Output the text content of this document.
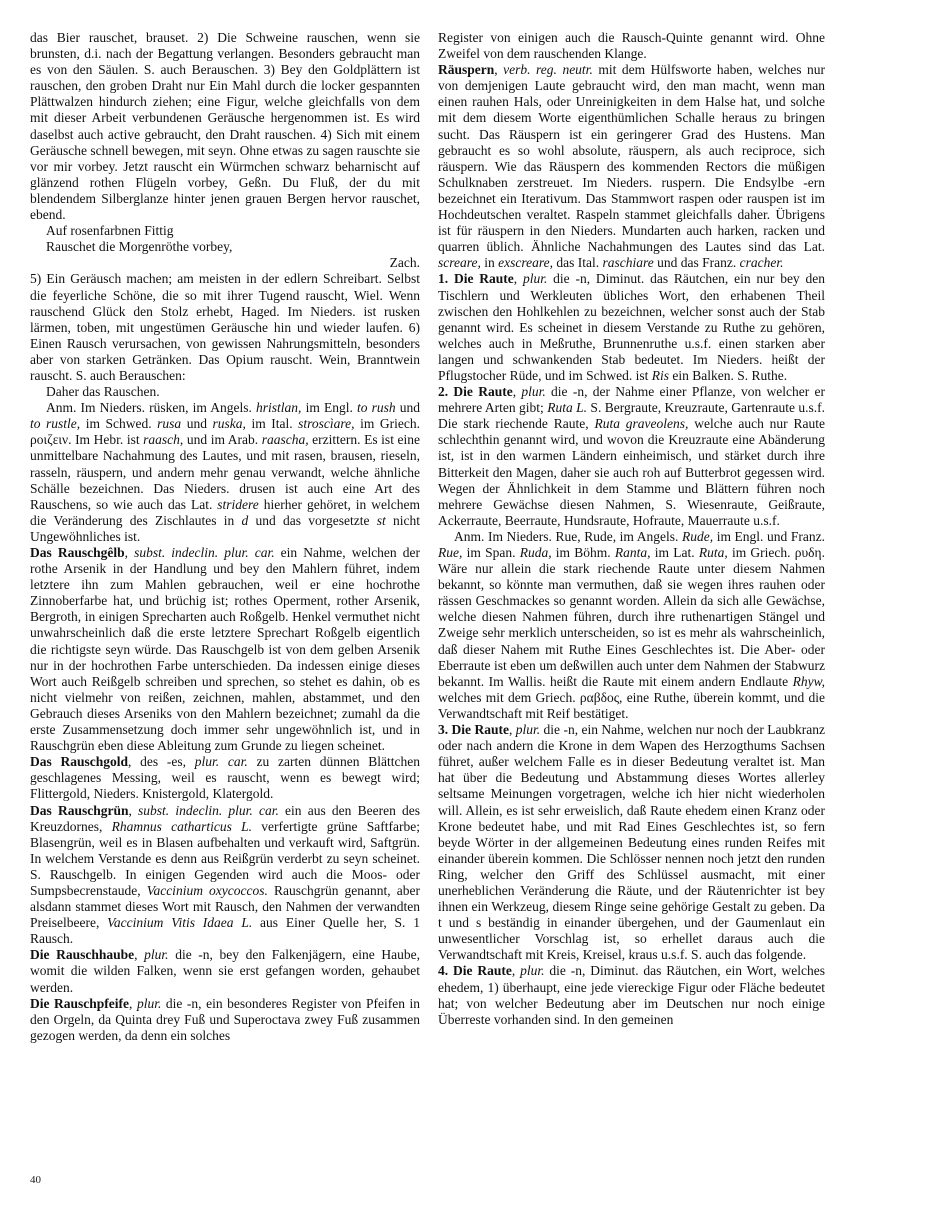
das Bier rauschet, brauset. 2) Die Schweine rauschen, wenn sie brunsten, d.i. nach der Begattung verlangen. Besonders gebraucht man es von den Säulen. S. auch Berauschen. 3) Bey den Goldplättern ist rauschen, den groben Draht nur Ein Mahl durch die locker gespannten Plättwalzen hindurch ziehen; eine Figur, welche gleichfalls von dem mit dieser Arbeit verbundenen Geräusche hergenommen ist. Es wird daselbst auch active gebraucht, den Draht rauschen. 4) Sich mit einem Geräusche schnell bewegen, mit seyn. Ohne etwas zu sagen rauschte sie vor mir vorbey. Jetzt rauscht ein Würmchen schwarz beharnischt auf glänzend rothen Flügeln vorbey, Geßn. Du Fluß, der du mit blendendem Silberglanze hinter jenen grauen Bergen hervor rauschet, ebend.

Auf rosenfarbnen Fittig

Rauschet die Morgenröthe vorbey,

Zach.

5) Ein Geräusch machen; am meisten in der edlern Schreibart. Selbst die feyerliche Schöne, die so mit ihrer Tugend rauscht, Wiel. Wenn rauschend Glück den Stolz erhebt, Haged. Im Nieders. ist rusken lärmen, toben, mit ungestümen Geräusche hin und wieder laufen. 6) Einen Rausch verursachen, von gewissen Nahrungsmitteln, besonders aber von starken Getränken. Das Opium rauscht. Wein, Branntwein rauscht. S. auch Berauschen:

Daher das Rauschen.

Anm. Im Nieders. rüsken, im Angels. hristlan, im Engl. to rush und to rustle, im Schwed. rusa und ruska, im Ital. stroscìare, im Griech. ροιζειν. Im Hebr. ist raasch, und im Arab. raascha, erzittern. Es ist eine unmittelbare Nachahmung des Lautes, und mit rasen, brausen, rieseln, rasseln, räuspern, und andern mehr genau verwandt, welche ähnliche Schälle bezeichnen. Das Nieders. drusen ist auch eine Art des Rauschens, so wie auch das Lat. stridere hierher gehöret, in welchem die Veränderung des Zischlautes in d und das vorgesetzte st nicht Ungewöhnliches ist.

Das Rauschgêlb, subst. indeclin. plur. car. ein Nahme, welchen der rothe Arsenik in der Handlung und bey den Mahlern führet, indem letztere ihn zum Mahlen gebrauchen, weil er eine hochrothe Zinnoberfarbe hat, und brüchig ist; rothes Operment, rother Arsenik, Bergroth, in einigen Sprecharten auch Roßgelb. Henkel vermuthet nicht unwahrscheinlich daß die erste letztere Sprechart Roßgelb eigentlich die richtigste seyn würde. Das Rauschgelb ist von dem gelben Arsenik nur in der hochrothen Farbe unterschieden. Da indessen einige dieses Wort auch Reißgelb schreiben und sprechen, so stehet es dahin, ob es nicht vielmehr von reißen, zeichnen, mahlen, abstammet, und den Gebrauch dieses Arseniks von den Mahlern bezeichnet; zumahl da die erste Zusammensetzung doch immer sehr ungewöhnlich ist, und in Rauschgrün eben diese Ableitung zum Grunde zu liegen scheinet.

Das Rauschgold, des -es, plur. car. zu zarten dünnen Blättchen geschlagenes Messing, weil es rauscht, wenn es bewegt wird; Flittergold, Nieders. Knistergold, Klatergold.

Das Rauschgrün, subst. indeclin. plur. car. ein aus den Beeren des Kreuzdornes, Rhamnus catharticus L. verfertigte grüne Saftfarbe; Blasengrün, weil es in Blasen aufbehalten und verkauft wird, Saftgrün. In welchem Verstande es denn aus Reißgrün verderbt zu seyn scheinet. S. Rauschgelb. In einigen Gegenden wird auch die Moos- oder Sumpsbecrenstaude, Vaccinium oxycoccos. Rauschgrün genannt, aber alsdann stammet dieses Wort mit Rausch, den Nahmen der verwandten Preiselbeere, Vaccinium Vitis Idaea L. aus Einer Quelle her, S. 1 Rausch.

Die Rauschhaube, plur. die -n, bey den Falkenjägern, eine Haube, womit die wilden Falken, wenn sie erst gefangen worden, gehaubet werden.

Die Rauschpfeife, plur. die -n, ein besonderes Register von Pfeifen in den Orgeln, da Quinta drey Fuß und Superoctava zwey Fuß zusammen gezogen werden, da denn ein solches

Register von einigen auch die Rausch-Quinte genannt wird. Ohne Zweifel von dem rauschenden Klange.

Räuspern, verb. reg. neutr. mit dem Hülfsworte haben, welches nur von demjenigen Laute gebraucht wird, den man macht, wenn man einen rauhen Hals, oder Unreinigkeiten in dem Halse hat, und solche mit dem diesem Worte eigenthümlichen Schalle heraus zu bringen sucht. Das Räuspern ist ein geringerer Grad des Hustens. Man gebraucht es so wohl absolute, räuspern, als auch reciproce, sich räuspern. Wie das Räuspern des kommenden Rectors die müßigen Schulknaben zerstreuet. Im Nieders. ruspern. Die Endsylbe -ern bezeichnet ein Iterativum. Das Stammwort raspen oder rauspen ist im Hochdeutschen veraltet. Raspeln stammet gleichfalls daher. Übrigens ist für räuspern in den Nieders. Mundarten auch harken, racken und quarren üblich. Ähnliche Nachahmungen des Lautes sind das Lat. screare, in exscreare, das Ital. raschiare und das Franz. cracher.

1. Die Raute, plur. die -n, Diminut. das Räutchen, ein nur bey den Tischlern und Werkleuten übliches Wort, den erhabenen Theil zwischen den Hohlkehlen zu bezeichnen, welcher sonst auch der Stab genannt wird. Es scheinet in diesem Verstande zu Ruthe zu gehören, welches auch in Meßruthe, Brunnenruthe u.s.f. einen starken aber langen und schwankenden Stab bedeutet. Im Nieders. heißt der Pflugstocher Rüde, und im Schwed. ist Ris ein Balken. S. Ruthe.

2. Die Raute, plur. die -n, der Nahme einer Pflanze, von welcher er mehrere Arten gibt; Ruta L. S. Bergraute, Kreuzraute, Gartenraute u.s.f. Die stark riechende Raute, Ruta graveolens, welche auch nur Raute schlechthin genannt wird, und wovon die Kreuzraute eine Abänderung ist, ist in den warmen Ländern einheimisch, und stärket durch ihre Bitterkeit den Magen, daher sie auch roh auf Butterbrot gegessen wird. Wegen der Ähnlichkeit in dem Stamme und Blättern führen noch mehrere Gewächse diesen Nahmen, S. Wiesenraute, Geißraute, Ackerraute, Beerraute, Hundsraute, Hofraute, Mauerraute u.s.f.

Anm. Im Nieders. Rue, Rude, im Angels. Rude, im Engl. und Franz. Rue, im Span. Ruda, im Böhm. Ranta, im Lat. Ruta, im Griech. ρυδη. Wäre nur allein die stark riechende Raute unter diesem Nahmen bekannt, so könnte man vermuthen, daß sie wegen ihres rauhen oder rässen Geschmackes so genannt worden. Allein da sich alle Gewächse, welche diesen Nahmen führen, durch ihre ruthenartigen Stängel und Zweige sehr merklich unterscheiden, so ist es mehr als wahrscheinlich, daß dieser Nahem mit Ruthe Eines Geschlechtes ist. Die Aber- oder Eberraute ist eben um deßwillen auch unter dem Nahmen der Stabwurz bekannt. Im Wallis. heißt die Raute mit einem andern Endlaute Rhyw, welches mit dem Griech. ραβδος, eine Ruthe, überein kommt, und die Verwandtschaft mit Reif bestätiget.

3. Die Raute, plur. die -n, ein Nahme, welchen nur noch der Laubkranz oder nach andern die Krone in dem Wapen des Herzogthums Sachsen führet, außer welchem Falle es in dieser Bedeutung veraltet ist. Man hat über die Bedeutung und Abstammung dieses Wortes allerley seltsame Meinungen vorgetragen, welche ich hier nicht wiederholen will. Allein, es ist sehr erweislich, daß Raute ehedem einen Kranz oder Krone bedeutet habe, und mit Rad Eines Geschlechtes ist, so fern beyde Wörter in der allgemeinen Bedeutung eines runden Reifes mit einander überein kommen. Die Schlösser nennen noch jetzt den runden Ring, welcher den Griff des Schlüssel ausmacht, mit einer unerheblichen Veränderung die Räute, und der Räutenrichter ist bey ihnen ein Werkzeug, diesem Ringe seine gehörige Gestalt zu geben. Da t und s beständig in einander übergehen, und der Gaumenlaut ein unwesentlicher Vorschlag ist, so erhellet daraus auch die Verwandtschaft mit Kreis, Kreisel, kraus u.s.f. S. auch das folgende.

4. Die Raute, plur. die -n, Diminut. das Räutchen, ein Wort, welches ehedem, 1) überhaupt, eine jede viereckige Figur oder Fläche bedeutet hat; von welcher Bedeutung aber im Deutschen nur noch einige Überreste vorhanden sind. In den gemeinen

40
